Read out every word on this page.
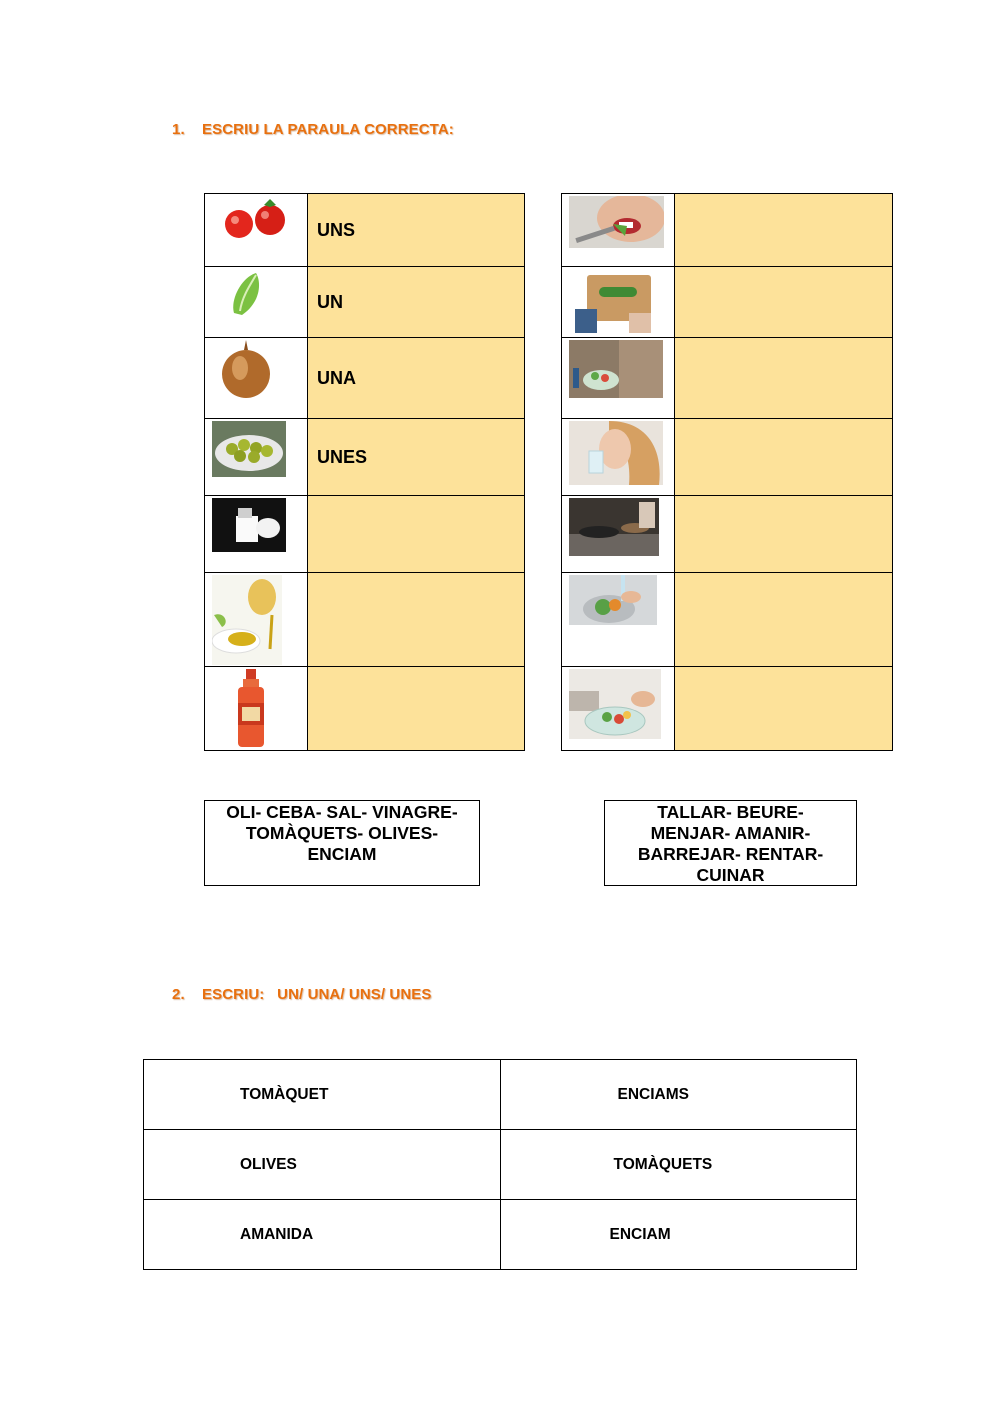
1. ESCRIU LA PARAULA CORRECTA:
	UNS

	UN

	UNA

	UNES

OLI- CEBA- SAL- VINAGRE-
TOMÀQUETS- OLIVES-
ENCIAM
TALLAR- BEURE-
MENJAR- AMANIR-
BARREJAR- RENTAR-
CUINAR
2. ESCRIU:   UN/ UNA/ UNS/ UNES
TOMÀQUET	ENCIAMS
OLIVES	TOMÀQUETS
AMANIDA	ENCIAM
